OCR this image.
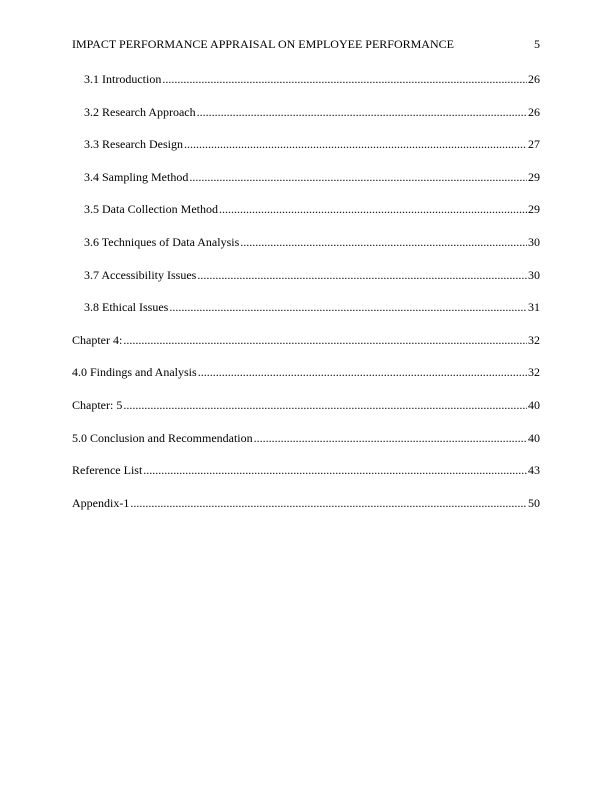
IMPACT PERFORMANCE APPRAISAL ON EMPLOYEE PERFORMANCE	5
3.1 Introduction .....	26
3.2 Research Approach .....	26
3.3 Research Design .....	27
3.4 Sampling Method .....	29
3.5 Data Collection Method .....	29
3.6 Techniques of Data Analysis .....	30
3.7 Accessibility Issues .....	30
3.8 Ethical Issues .....	31
Chapter 4: .....	32
4.0 Findings and Analysis .....	32
Chapter: 5 .....	40
5.0 Conclusion and Recommendation .....	40
Reference List .....	43
Appendix-1 .....	50
